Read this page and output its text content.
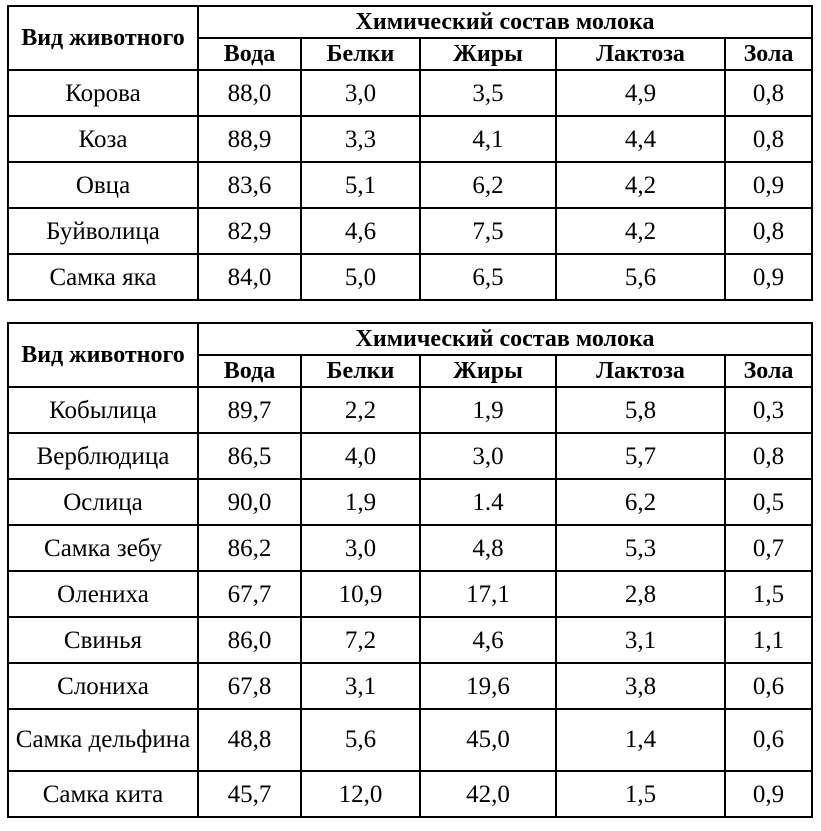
Вид животного	Химический состав молока				
	Вода	Белки	Жиры	Лактоза	Зола
Корова	88,0	3,0	3,5	4,9	0,8
Коза	88,9	3,3	4,1	4,4	0,8
Овца	83,6	5,1	6,2	4,2	0,9
Буйволица	82,9	4,6	7,5	4,2	0,8
Самка яка	84,0	5,0	6,5	5,6	0,9
Вид животного	Химический состав молока				
	Вода	Белки	Жиры	Лактоза	Зола
Кобылица	89,7	2,2	1,9	5,8	0,3
Верблюдица	86,5	4,0	3,0	5,7	0,8
Ослица	90,0	1,9	1.4	6,2	0,5
Самка зебу	86,2	3,0	4,8	5,3	0,7
Олениха	67,7	10,9	17,1	2,8	1,5
Свинья	86,0	7,2	4,6	3,1	1,1
Слониха	67,8	3,1	19,6	3,8	0,6
Самка дельфина	48,8	5,6	45,0	1,4	0,6
Самка кита	45,7	12,0	42,0	1,5	0,9
